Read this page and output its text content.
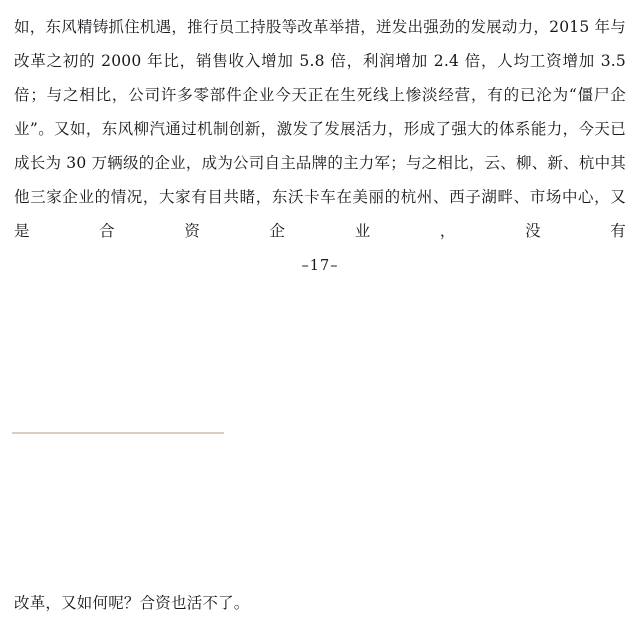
如，东风精铸抓住机遇，推行员工持股等改革举措，迸发出强劲的发展动力，2015 年与改革之初的 2000 年比，销售收入增加 5.8 倍，利润增加 2.4 倍，人均工资增加 3.5 倍；与之相比，公司许多零部件企业今天正在生死线上惨淡经营，有的已沦为“僵尸企业”。又如，东风柳汽通过机制创新，激发了发展活力，形成了强大的体系能力，今天已成长为 30 万辆级的企业，成为公司自主品牌的主力军；与之相比，云、柳、新、杭中其他三家企业的情况，大家有目共睹，东沃卡车在美丽的杭州、西子湖畔、市场中心，又是合资企业，没有

–17–

改革，又如何呢？合资也活不了。
